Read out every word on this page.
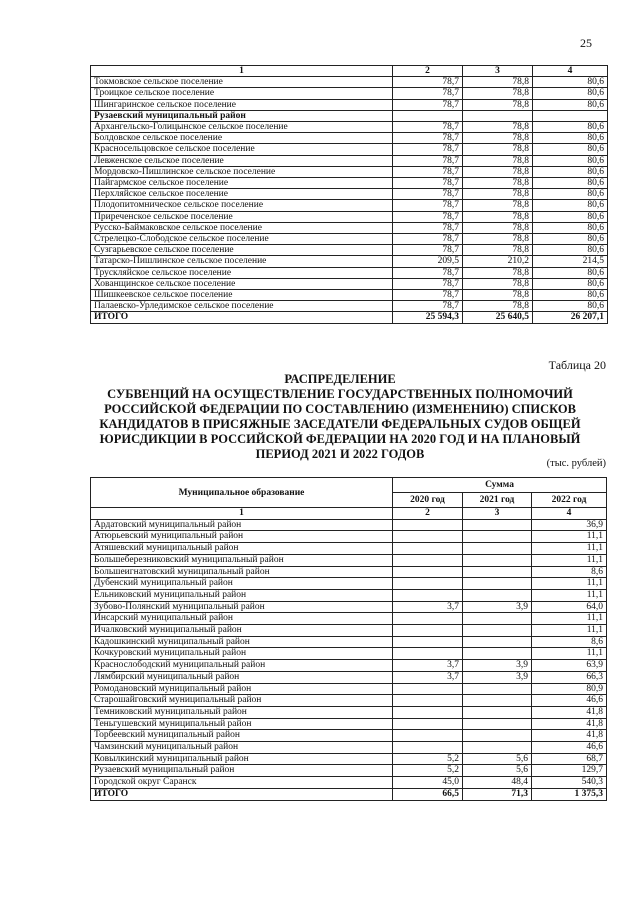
25
1	2	3	4
Токмовское сельское поселение	78,7	78,8	80,6
Троицкое сельское поселение	78,7	78,8	80,6
Шингаринское сельское поселение	78,7	78,8	80,6
Рузаевский муниципальный район			
Архангельско-Голицынское сельское поселение	78,7	78,8	80,6
Болдовское сельское поселение	78,7	78,8	80,6
Красносельцовское сельское поселение	78,7	78,8	80,6
Левженское сельское поселение	78,7	78,8	80,6
Мордовско-Пишлинское сельское поселение	78,7	78,8	80,6
Пайгармское сельское поселение	78,7	78,8	80,6
Перхляйское сельское поселение	78,7	78,8	80,6
Плодопитомническое сельское поселение	78,7	78,8	80,6
Приреченское сельское поселение	78,7	78,8	80,6
Русско-Баймаковское сельское поселение	78,7	78,8	80,6
Стрелецко-Слободское сельское поселение	78,7	78,8	80,6
Сузгарьевское сельское поселение	78,7	78,8	80,6
Татарско-Пишлинское сельское поселение	209,5	210,2	214,5
Трускляйское сельское поселение	78,7	78,8	80,6
Хованщинское сельское поселение	78,7	78,8	80,6
Шишкеевское сельское поселение	78,7	78,8	80,6
Палаевско-Урледимское сельское поселение	78,7	78,8	80,6
ИТОГО	25 594,3	25 640,5	26 207,1
Таблица 20
РАСПРЕДЕЛЕНИЕ
СУБВЕНЦИЙ НА ОСУЩЕСТВЛЕНИЕ ГОСУДАРСТВЕННЫХ ПОЛНОМОЧИЙ
РОССИЙСКОЙ ФЕДЕРАЦИИ ПО СОСТАВЛЕНИЮ (ИЗМЕНЕНИЮ) СПИСКОВ
КАНДИДАТОВ В ПРИСЯЖНЫЕ ЗАСЕДАТЕЛИ ФЕДЕРАЛЬНЫХ СУДОВ ОБЩЕЙ
ЮРИСДИКЦИИ В РОССИЙСКОЙ ФЕДЕРАЦИИ НА 2020 ГОД И НА ПЛАНОВЫЙ
ПЕРИОД 2021 И 2022 ГОДОВ
(тыс. рублей)
Муниципальное образование	Сумма		
	2020 год	2021 год	2022 год
1	2	3	4
Ардатовский муниципальный район			36,9
Атюрьевский муниципальный район			11,1
Атяшевский муниципальный район			11,1
Большеберезниковский муниципальный район			11,1
Большеигнатовский муниципальный район			8,6
Дубенский муниципальный район			11,1
Ельниковский муниципальный район			11,1
Зубово-Полянский муниципальный район	3,7	3,9	64,0
Инсарский муниципальный район			11,1
Ичалковский муниципальный район			11,1
Кадошкинский муниципальный район			8,6
Кочкуровский муниципальный район			11,1
Краснослободский муниципальный район	3,7	3,9	63,9
Лямбирский муниципальный район	3,7	3,9	66,3
Ромодановский муниципальный район			80,9
Старошайговский муниципальный район			46,6
Темниковский муниципальный район			41,8
Теньгушевский муниципальный район			41,8
Торбеевский муниципальный район			41,8
Чамзинский муниципальный район			46,6
Ковылкинский муниципальный район	5,2	5,6	68,7
Рузаевский муниципальный район	5,2	5,6	129,7
Городской округ Саранск	45,0	48,4	540,3
ИТОГО	66,5	71,3	1 375,3
